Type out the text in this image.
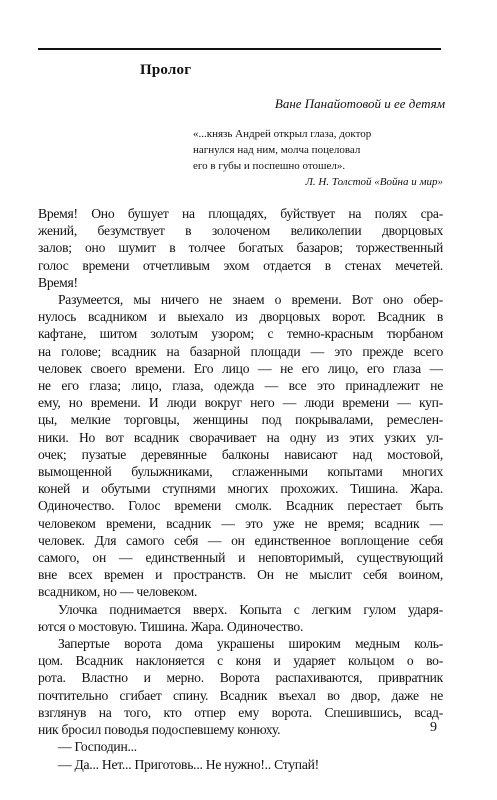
Пролог
Ване Панайотовой и ее детям
«...князь Андрей открыл глаза, доктор
нагнулся над ним, молча поцеловал
его в губы и поспешно отошел».
Л. Н. Толстой «Война и мир»
Время! Оно бушует на площадях, буйствует на полях сра-
жений, безумствует в золоченом великолепии дворцовых
залов; оно шумит в толчее богатых базаров; торжественный
голос времени отчетливым эхом отдается в стенах мечетей.
Время!
Разумеется, мы ничего не знаем о времени. Вот оно обер-
нулось всадником и выехало из дворцовых ворот. Всадник в
кафтане, шитом золотым узором; с темно-красным тюрбаном
на голове; всадник на базарной площади — это прежде всего
человек своего времени. Его лицо — не его лицо, его глаза —
не его глаза; лицо, глаза, одежда — все это принадлежит не
ему, но времени. И люди вокруг него — люди времени — куп-
цы, мелкие торговцы, женщины под покрывалами, ремеслен-
ники. Но вот всадник сворачивает на одну из этих узких ул-
очек; пузатые деревянные балконы нависают над мостовой,
вымощенной булыжниками, сглаженными копытами многих
коней и обутыми ступнями многих прохожих. Тишина. Жара.
Одиночество. Голос времени смолк. Всадник перестает быть
человеком времени, всадник — это уже не время; всадник —
человек. Для самого себя — он единственное воплощение себя
самого, он — единственный и неповторимый, существующий
вне всех времен и пространств. Он не мыслит себя воином,
всадником, но — человеком.
Улочка поднимается вверх. Копыта с легким гулом ударя-
ются о мостовую. Тишина. Жара. Одиночество.
Запертые ворота дома украшены широким медным коль-
цом. Всадник наклоняется с коня и ударяет кольцом о во-
рота. Властно и мерно. Ворота распахиваются, привратник
почтительно сгибает спину. Всадник въехал во двор, даже не
взглянув на того, кто отпер ему ворота. Спешившись, всад-
ник бросил поводья подоспевшему конюху.
— Господин...
— Да... Нет... Приготовь... Не нужно!.. Ступай!
9
